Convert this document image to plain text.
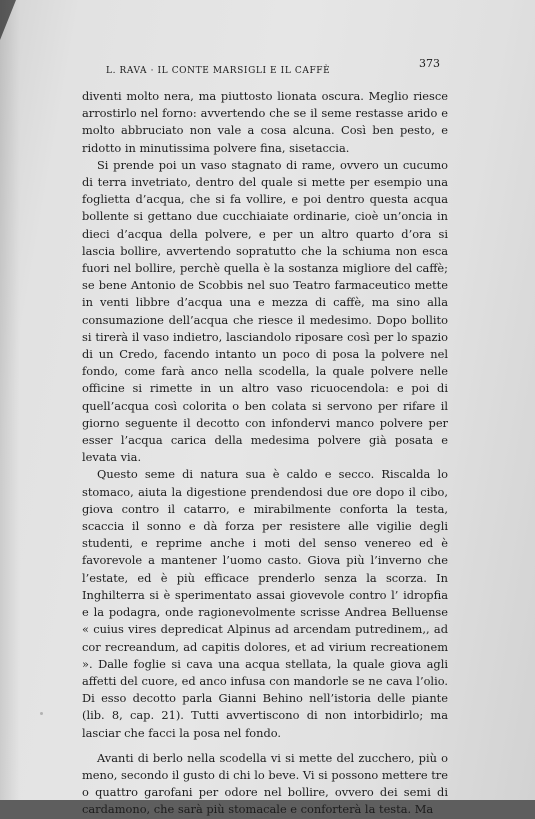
L. RAVA · IL CONTE MARSIGLI E IL CAFFÈ
373

diventi molto nera, ma piuttosto lionata oscura. Meglio riesce arrostirlo nel forno: avvertendo che se il seme restasse arido e molto abbruciato non vale a cosa alcuna. Così ben pesto, e ridotto in minutissima polvere fina, sisetaccia.

Si prende poi un vaso stagnato di rame, ovvero un cucumo di terra invetriato, dentro del quale si mette per esempio una foglietta d’acqua, che si fa vollire, e poi dentro questa acqua bollente si gettano due cucchiaiate ordinarie, cioè un’oncia in dieci d’acqua della polvere, e per un altro quarto d’ora si lascia bollire, avvertendo sopratutto che la schiuma non esca fuori nel bollire, perchè quella è la sostanza migliore del caffè; se bene Antonio de Scobbis nel suo Teatro farmaceutico mette in venti libbre d’acqua una e mezza di caffè, ma sino alla consumazione dell’acqua che riesce il medesimo. Dopo bollito si tirerà il vaso indietro, lasciandolo riposare così per lo spazio di un Credo, facendo intanto un poco di posa la polvere nel fondo, come farà anco nella scodella, la quale polvere nelle officine si rimette in un altro vaso ricuocendola: e poi di quell’acqua così colorita o ben colata si servono per rifare il giorno seguente il decotto con infondervi manco polvere per esser l’acqua carica della medesima polvere già posata e levata via.

Questo seme di natura sua è caldo e secco. Riscalda lo stomaco, aiuta la digestione prendendosi due ore dopo il cibo, giova contro il catarro, e mirabilmente conforta la testa, scaccia il sonno e dà forza per resistere alle vigilie degli studenti, e reprime anche i moti del senso venereo ed è favorevole a mantener l’uomo casto. Giova più l’inverno che l’estate, ed è più efficace prenderlo senza la scorza. In Inghilterra si è sperimentato assai giovevole contro l’ idropfia e la podagra, onde ragionevolmente scrisse Andrea Belluense « cuius vires depredicat Alpinus ad arcendam putredinem,, ad cor recreandum, ad capitis dolores, et ad virium recreationem ». Dalle foglie si cava una acqua stellata, la quale giova agli affetti del cuore, ed anco infusa con mandorle se ne cava l’olio. Di esso decotto parla Gianni Behino nell’istoria delle piante (lib. 8, cap. 21). Tutti avvertiscono di non intorbidirlo; ma lasciar che facci la posa nel fondo.

Avanti di berlo nella scodella vi si mette del zucchero, più o meno, secondo il gusto di chi lo beve. Vi si possono mettere tre o quattro garofani per odore nel bollire, ovvero dei semi di cardamono, che sarà più stomacale e conforterà la testa. Ma
